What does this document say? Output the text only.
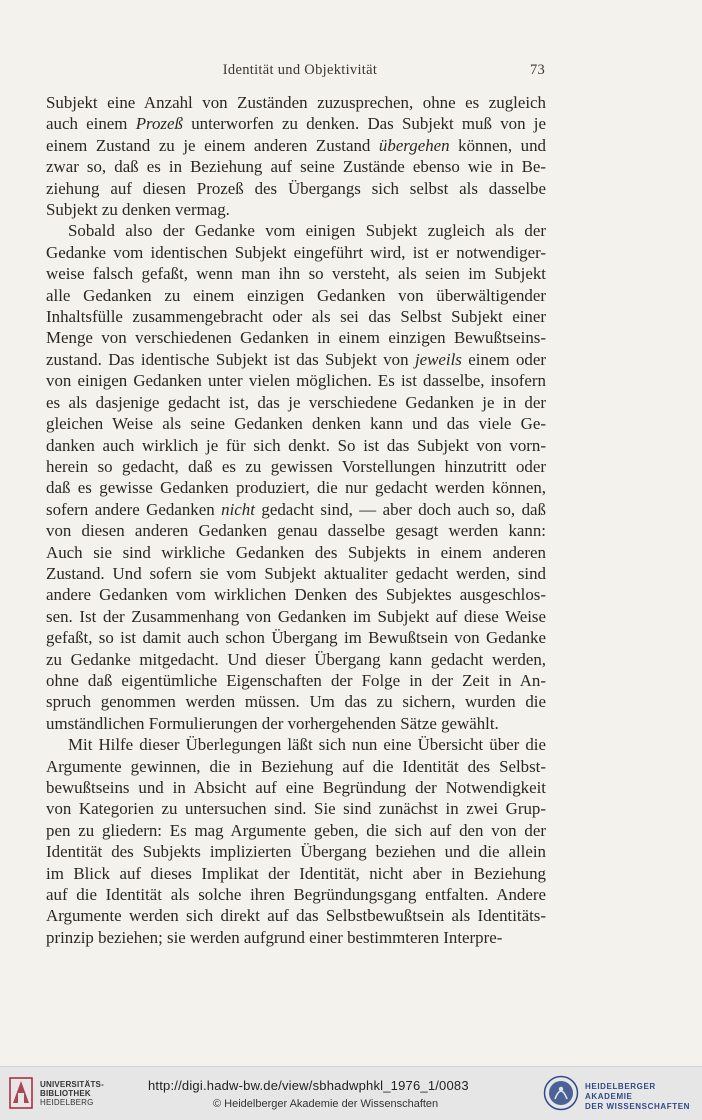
Identität und Objektivität	73

Subjekt eine Anzahl von Zuständen zuzusprechen, ohne es zugleich
auch einem Prozeß unterworfen zu denken. Das Subjekt muß von je
einem Zustand zu je einem anderen Zustand übergehen können, und
zwar so, daß es in Beziehung auf seine Zustände ebenso wie in Be-
ziehung auf diesen Prozeß des Übergangs sich selbst als dasselbe
Subjekt zu denken vermag.

Sobald also der Gedanke vom einigen Subjekt zugleich als der
Gedanke vom identischen Subjekt eingeführt wird, ist er notwendiger-
weise falsch gefaßt, wenn man ihn so versteht, als seien im Subjekt
alle Gedanken zu einem einzigen Gedanken von überwältigender
Inhaltsfülle zusammengebracht oder als sei das Selbst Subjekt einer
Menge von verschiedenen Gedanken in einem einzigen Bewußtseins-
zustand. Das identische Subjekt ist das Subjekt von jeweils einem oder
von einigen Gedanken unter vielen möglichen. Es ist dasselbe, insofern
es als dasjenige gedacht ist, das je verschiedene Gedanken je in der
gleichen Weise als seine Gedanken denken kann und das viele Ge-
danken auch wirklich je für sich denkt. So ist das Subjekt von vorn-
herein so gedacht, daß es zu gewissen Vorstellungen hinzutritt oder
daß es gewisse Gedanken produziert, die nur gedacht werden können,
sofern andere Gedanken nicht gedacht sind, — aber doch auch so, daß
von diesen anderen Gedanken genau dasselbe gesagt werden kann:
Auch sie sind wirkliche Gedanken des Subjekts in einem anderen
Zustand. Und sofern sie vom Subjekt aktualiter gedacht werden, sind
andere Gedanken vom wirklichen Denken des Subjektes ausgeschlos-
sen. Ist der Zusammenhang von Gedanken im Subjekt auf diese Weise
gefaßt, so ist damit auch schon Übergang im Bewußtsein von Gedanke
zu Gedanke mitgedacht. Und dieser Übergang kann gedacht werden,
ohne daß eigentümliche Eigenschaften der Folge in der Zeit in An-
spruch genommen werden müssen. Um das zu sichern, wurden die
umständlichen Formulierungen der vorhergehenden Sätze gewählt.

Mit Hilfe dieser Überlegungen läßt sich nun eine Übersicht über die
Argumente gewinnen, die in Beziehung auf die Identität des Selbst-
bewußtseins und in Absicht auf eine Begründung der Notwendigkeit
von Kategorien zu untersuchen sind. Sie sind zunächst in zwei Grup-
pen zu gliedern: Es mag Argumente geben, die sich auf den von der
Identität des Subjekts implizierten Übergang beziehen und die allein
im Blick auf dieses Implikat der Identität, nicht aber in Beziehung
auf die Identität als solche ihren Begründungsgang entfalten. Andere
Argumente werden sich direkt auf das Selbstbewußtsein als Identitäts-
prinzip beziehen; sie werden aufgrund einer bestimmteren Interpre-

UNIVERSITÄTS-
BIBLIOTHEK
HEIDELBERG
http://digi.hadw-bw.de/view/sbhadwphkl_1976_1/0083
© Heidelberger Akademie der Wissenschaften
HEIDELBERGER AKADEMIE
DER WISSENSCHAFTEN
